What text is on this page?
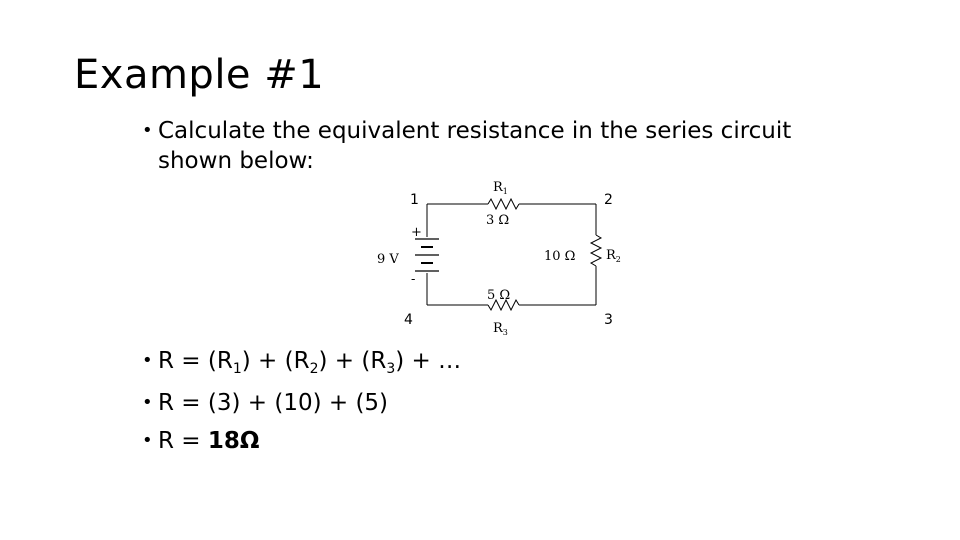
Example #1
• Calculate the equivalent resistance in the series circuit shown below:
1	2
3
4
+
-
9 V
$R_1$
3 Ω
$R_2$
10 Ω
5 Ω
$R_3$
• $R = (R_1) + (R_2) + (R_3)$ + …
• R = (3) + (10) + (5)
• R = 18Ω
